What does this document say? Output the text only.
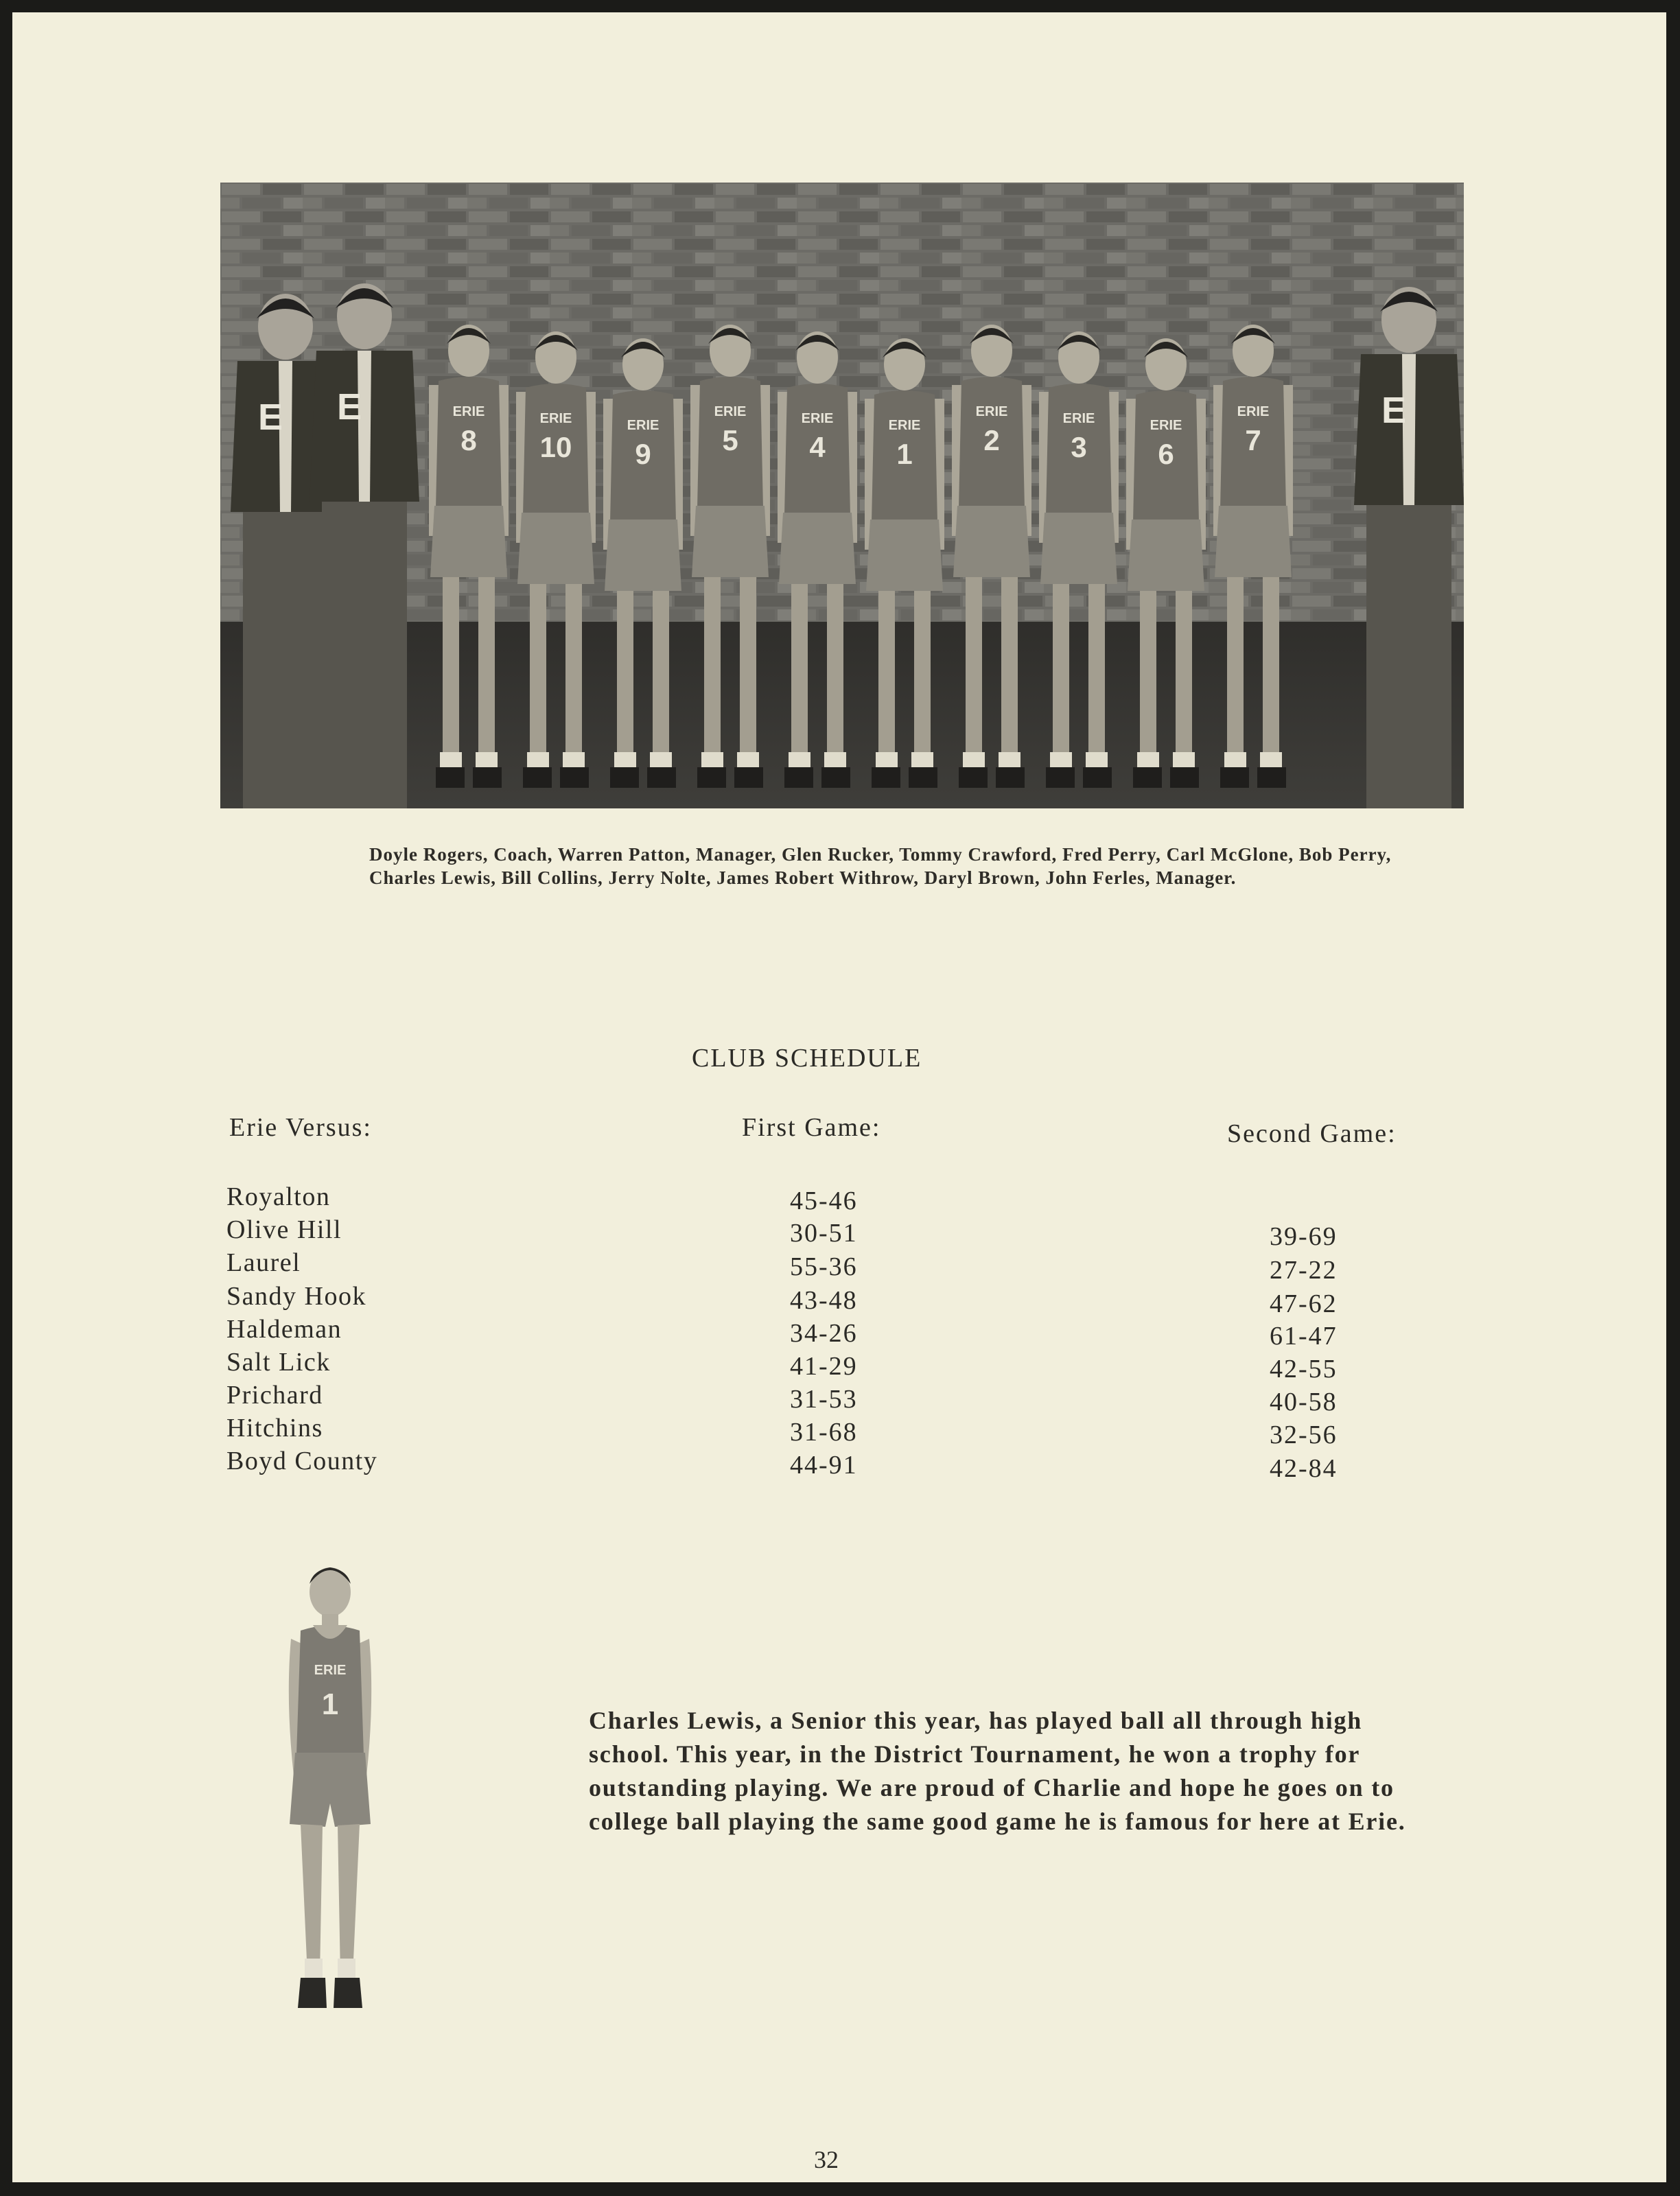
E E	E
ERIE
8
ERIE
10
ERIE
9
ERIE
5
ERIE
4
ERIE
1
ERIE
2
ERIE
3
ERIE
6
ERIE
7
Doyle Rogers, Coach, Warren Patton, Manager, Glen Rucker, Tommy Crawford, Fred Perry, Carl McGlone, Bob Perry, Charles Lewis, Bill Collins, Jerry Nolte, James Robert Withrow, Daryl Brown, John Ferles, Manager.
CLUB SCHEDULE
Erie Versus:	First Game:	Second Game:
Royalton	45-46
Olive Hill	30-51	39-69
Laurel	55-36	27-22
Sandy Hook	43-48	47-62
Haldeman	34-26	61-47
Salt Lick	41-29	42-55
Prichard	31-53	40-58
Hitchins	31-68	32-56
Boyd County	44-91	42-84
ERIE
1	Charles Lewis, a Senior this year, has played ball all through high school. This year, in the District Tournament, he won a trophy for outstanding playing. We are proud of Charlie and hope he goes on to college ball playing the same good game he is famous for here at Erie.
32
